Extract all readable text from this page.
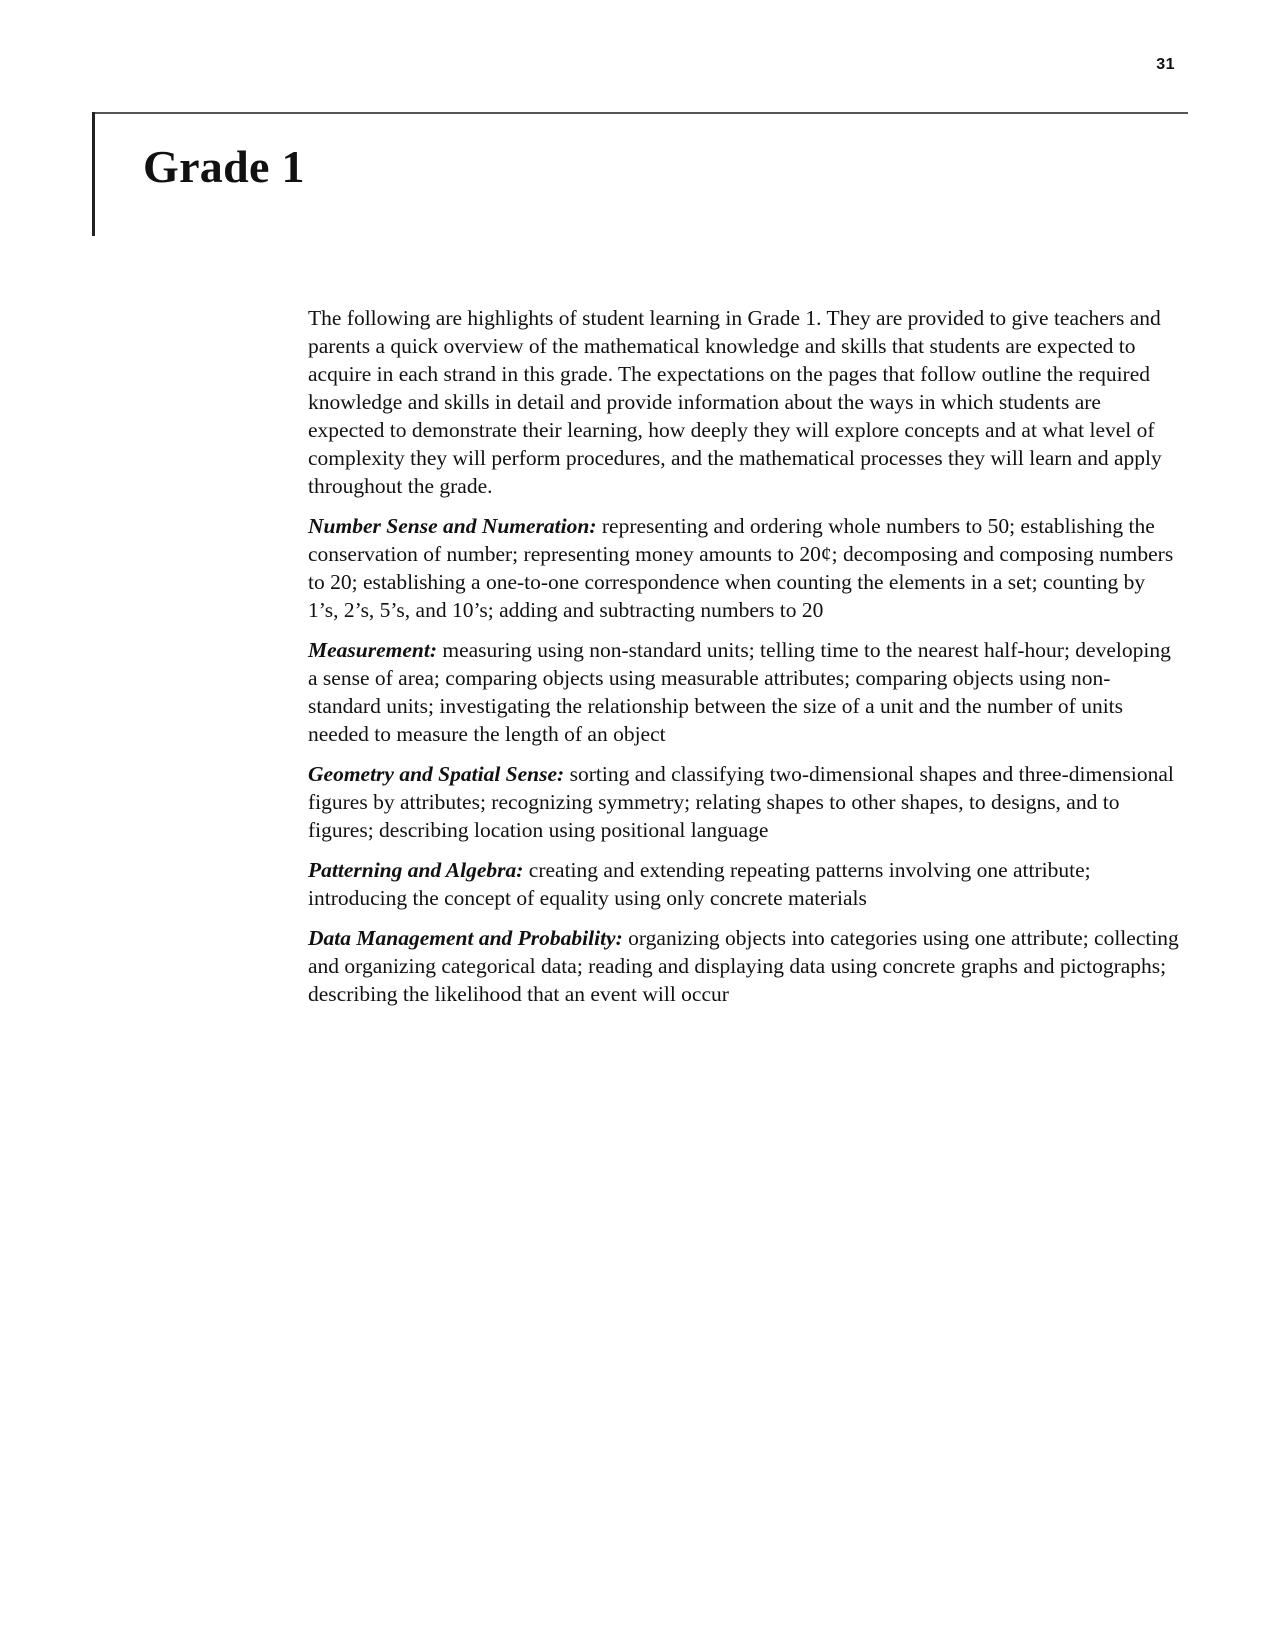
31
Grade 1

The following are highlights of student learning in Grade 1. They are provided to give teachers and parents a quick overview of the mathematical knowledge and skills that students are expected to acquire in each strand in this grade. The expectations on the pages that follow outline the required knowledge and skills in detail and provide information about the ways in which students are expected to demonstrate their learning, how deeply they will explore concepts and at what level of complexity they will perform procedures, and the mathematical processes they will learn and apply throughout the grade.

Number Sense and Numeration: representing and ordering whole numbers to 50; establishing the conservation of number; representing money amounts to 20¢; decomposing and composing numbers to 20; establishing a one-to-one correspondence when counting the elements in a set; counting by 1’s, 2’s, 5’s, and 10’s; adding and subtracting numbers to 20

Measurement: measuring using non-standard units; telling time to the nearest half-hour; developing a sense of area; comparing objects using measurable attributes; comparing objects using non-standard units; investigating the relationship between the size of a unit and the number of units needed to measure the length of an object

Geometry and Spatial Sense: sorting and classifying two-dimensional shapes and three-dimensional figures by attributes; recognizing symmetry; relating shapes to other shapes, to designs, and to figures; describing location using positional language

Patterning and Algebra: creating and extending repeating patterns involving one attribute; introducing the concept of equality using only concrete materials

Data Management and Probability: organizing objects into categories using one attribute; collecting and organizing categorical data; reading and displaying data using concrete graphs and pictographs; describing the likelihood that an event will occur
